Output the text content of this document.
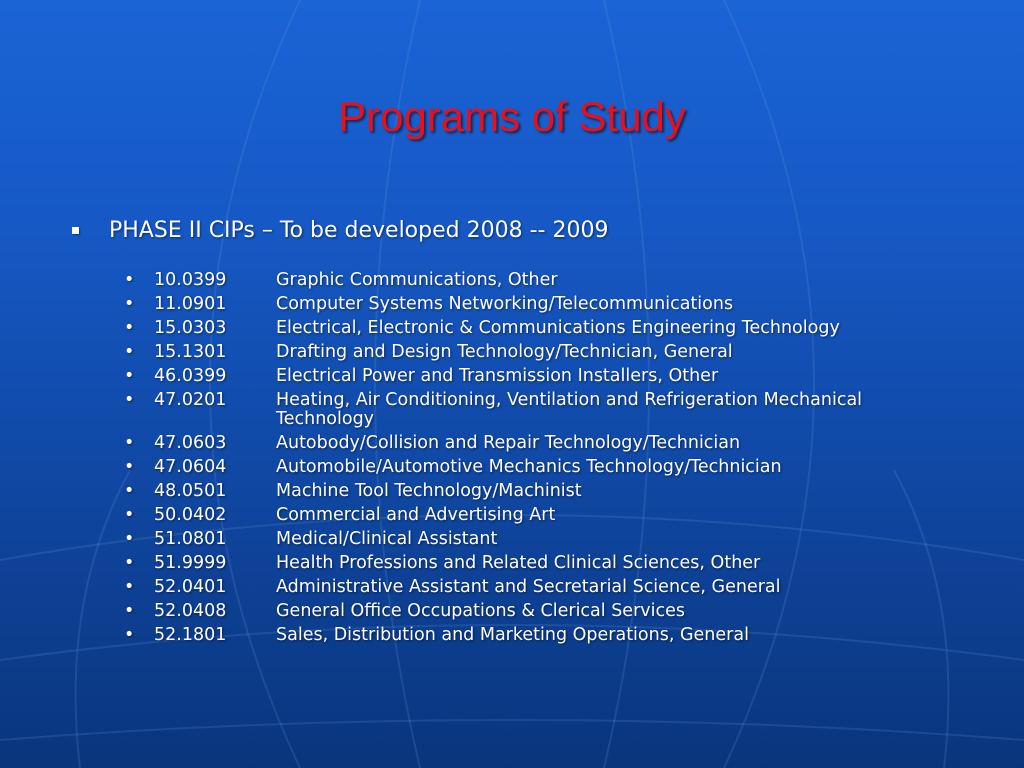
Programs of Study
PHASE II CIPs – To be developed 2008 -- 2009
•	10.0399	Graphic Communications, Other
•	11.0901	Computer Systems Networking/Telecommunications
•	15.0303	Electrical, Electronic & Communications Engineering Technology
•	15.1301	Drafting and Design Technology/Technician, General
•	46.0399	Electrical Power and Transmission Installers, Other
•	47.0201	Heating, Air Conditioning, Ventilation and Refrigeration Mechanical Technology
•	47.0603	Autobody/Collision and Repair Technology/Technician
•	47.0604	Automobile/Automotive Mechanics Technology/Technician
•	48.0501	Machine Tool Technology/Machinist
•	50.0402	Commercial and Advertising Art
•	51.0801	Medical/Clinical Assistant
•	51.9999	Health Professions and Related Clinical Sciences, Other
•	52.0401	Administrative Assistant and Secretarial Science, General
•	52.0408	General Office Occupations & Clerical Services
•	52.1801	Sales, Distribution and Marketing Operations, General
